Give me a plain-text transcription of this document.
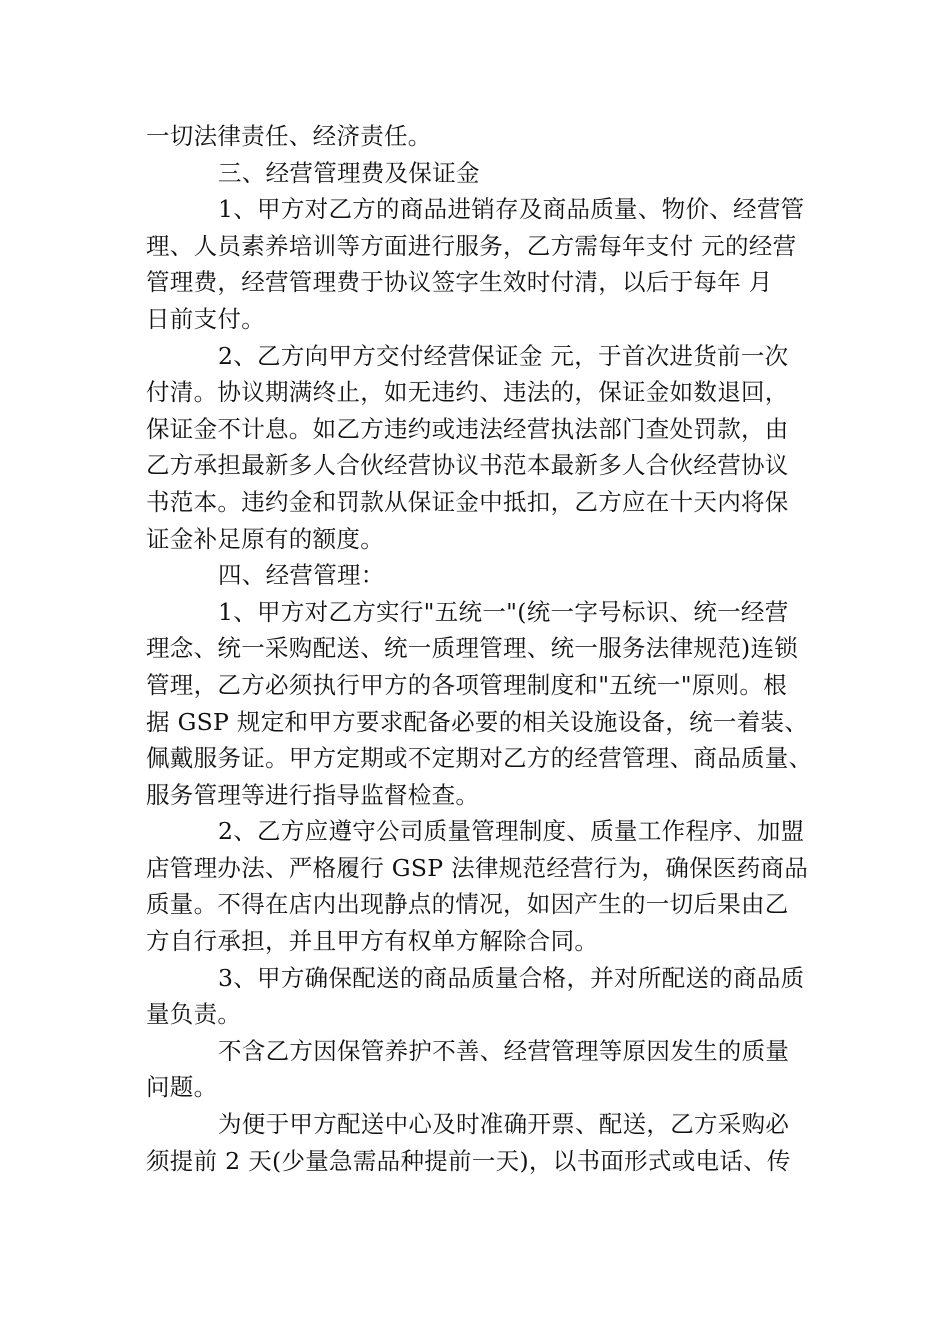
一切法律责任、经济责任。
三、经营管理费及保证金
1、甲方对乙方的商品进销存及商品质量、物价、经营管
理、人员素养培训等方面进行服务，乙方需每年支付 元的经营
管理费，经营管理费于协议签字生效时付清，以后于每年 月
日前支付。
2、乙方向甲方交付经营保证金 元，于首次进货前一次
付清。协议期满终止，如无违约、违法的，保证金如数退回，
保证金不计息。如乙方违约或违法经营执法部门查处罚款，由
乙方承担最新多人合伙经营协议书范本最新多人合伙经营协议
书范本。违约金和罚款从保证金中抵扣，乙方应在十天内将保
证金补足原有的额度。
四、经营管理：
1、甲方对乙方实行"五统一"(统一字号标识、统一经营
理念、统一采购配送、统一质理管理、统一服务法律规范)连锁
管理，乙方必须执行甲方的各项管理制度和"五统一"原则。根
据 GSP 规定和甲方要求配备必要的相关设施设备，统一着装、
佩戴服务证。甲方定期或不定期对乙方的经营管理、商品质量、
服务管理等进行指导监督检查。
2、乙方应遵守公司质量管理制度、质量工作程序、加盟
店管理办法、严格履行 GSP 法律规范经营行为，确保医药商品
质量。不得在店内出现静点的情况，如因产生的一切后果由乙
方自行承担，并且甲方有权单方解除合同。
3、甲方确保配送的商品质量合格，并对所配送的商品质
量负责。
不含乙方因保管养护不善、经营管理等原因发生的质量
问题。
为便于甲方配送中心及时准确开票、配送，乙方采购必
须提前 2 天(少量急需品种提前一天)，以书面形式或电话、传
